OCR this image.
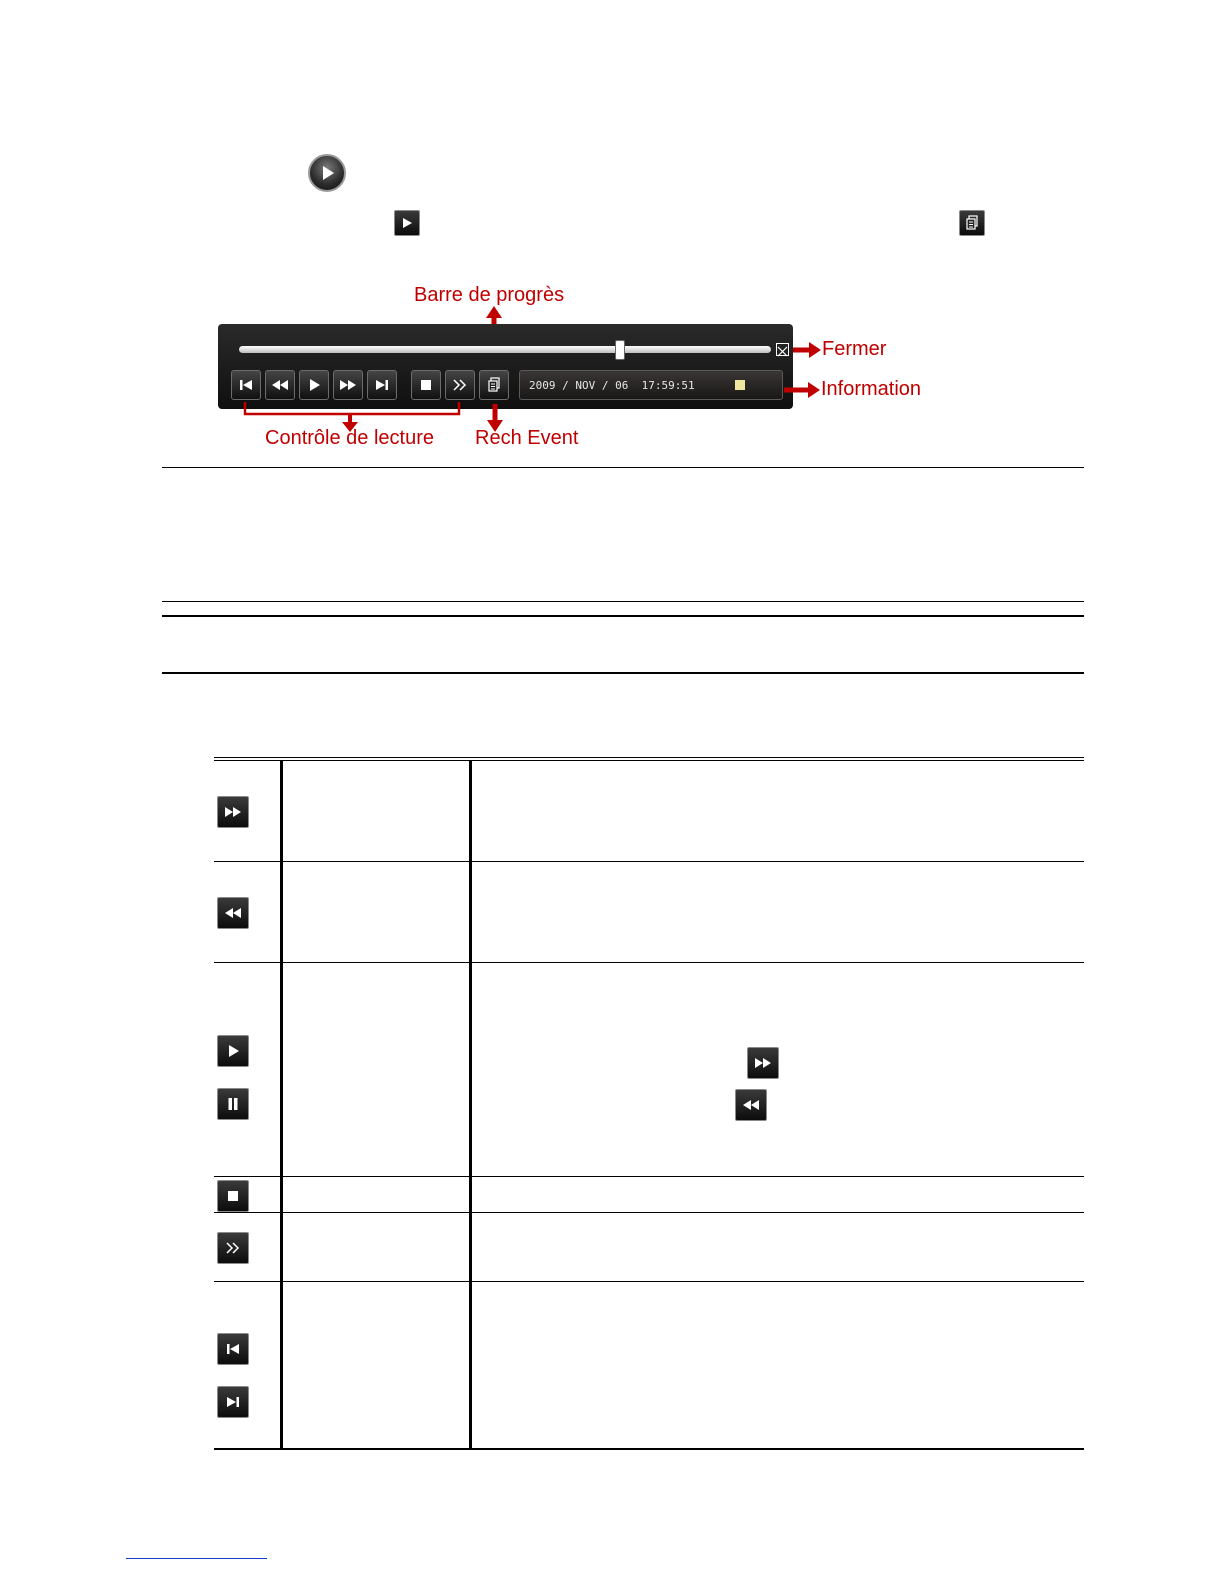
Barre de progrès
2009 / NOV / 06  17:59:51
Fermer
Information
Contrôle de lecture Rech Event
